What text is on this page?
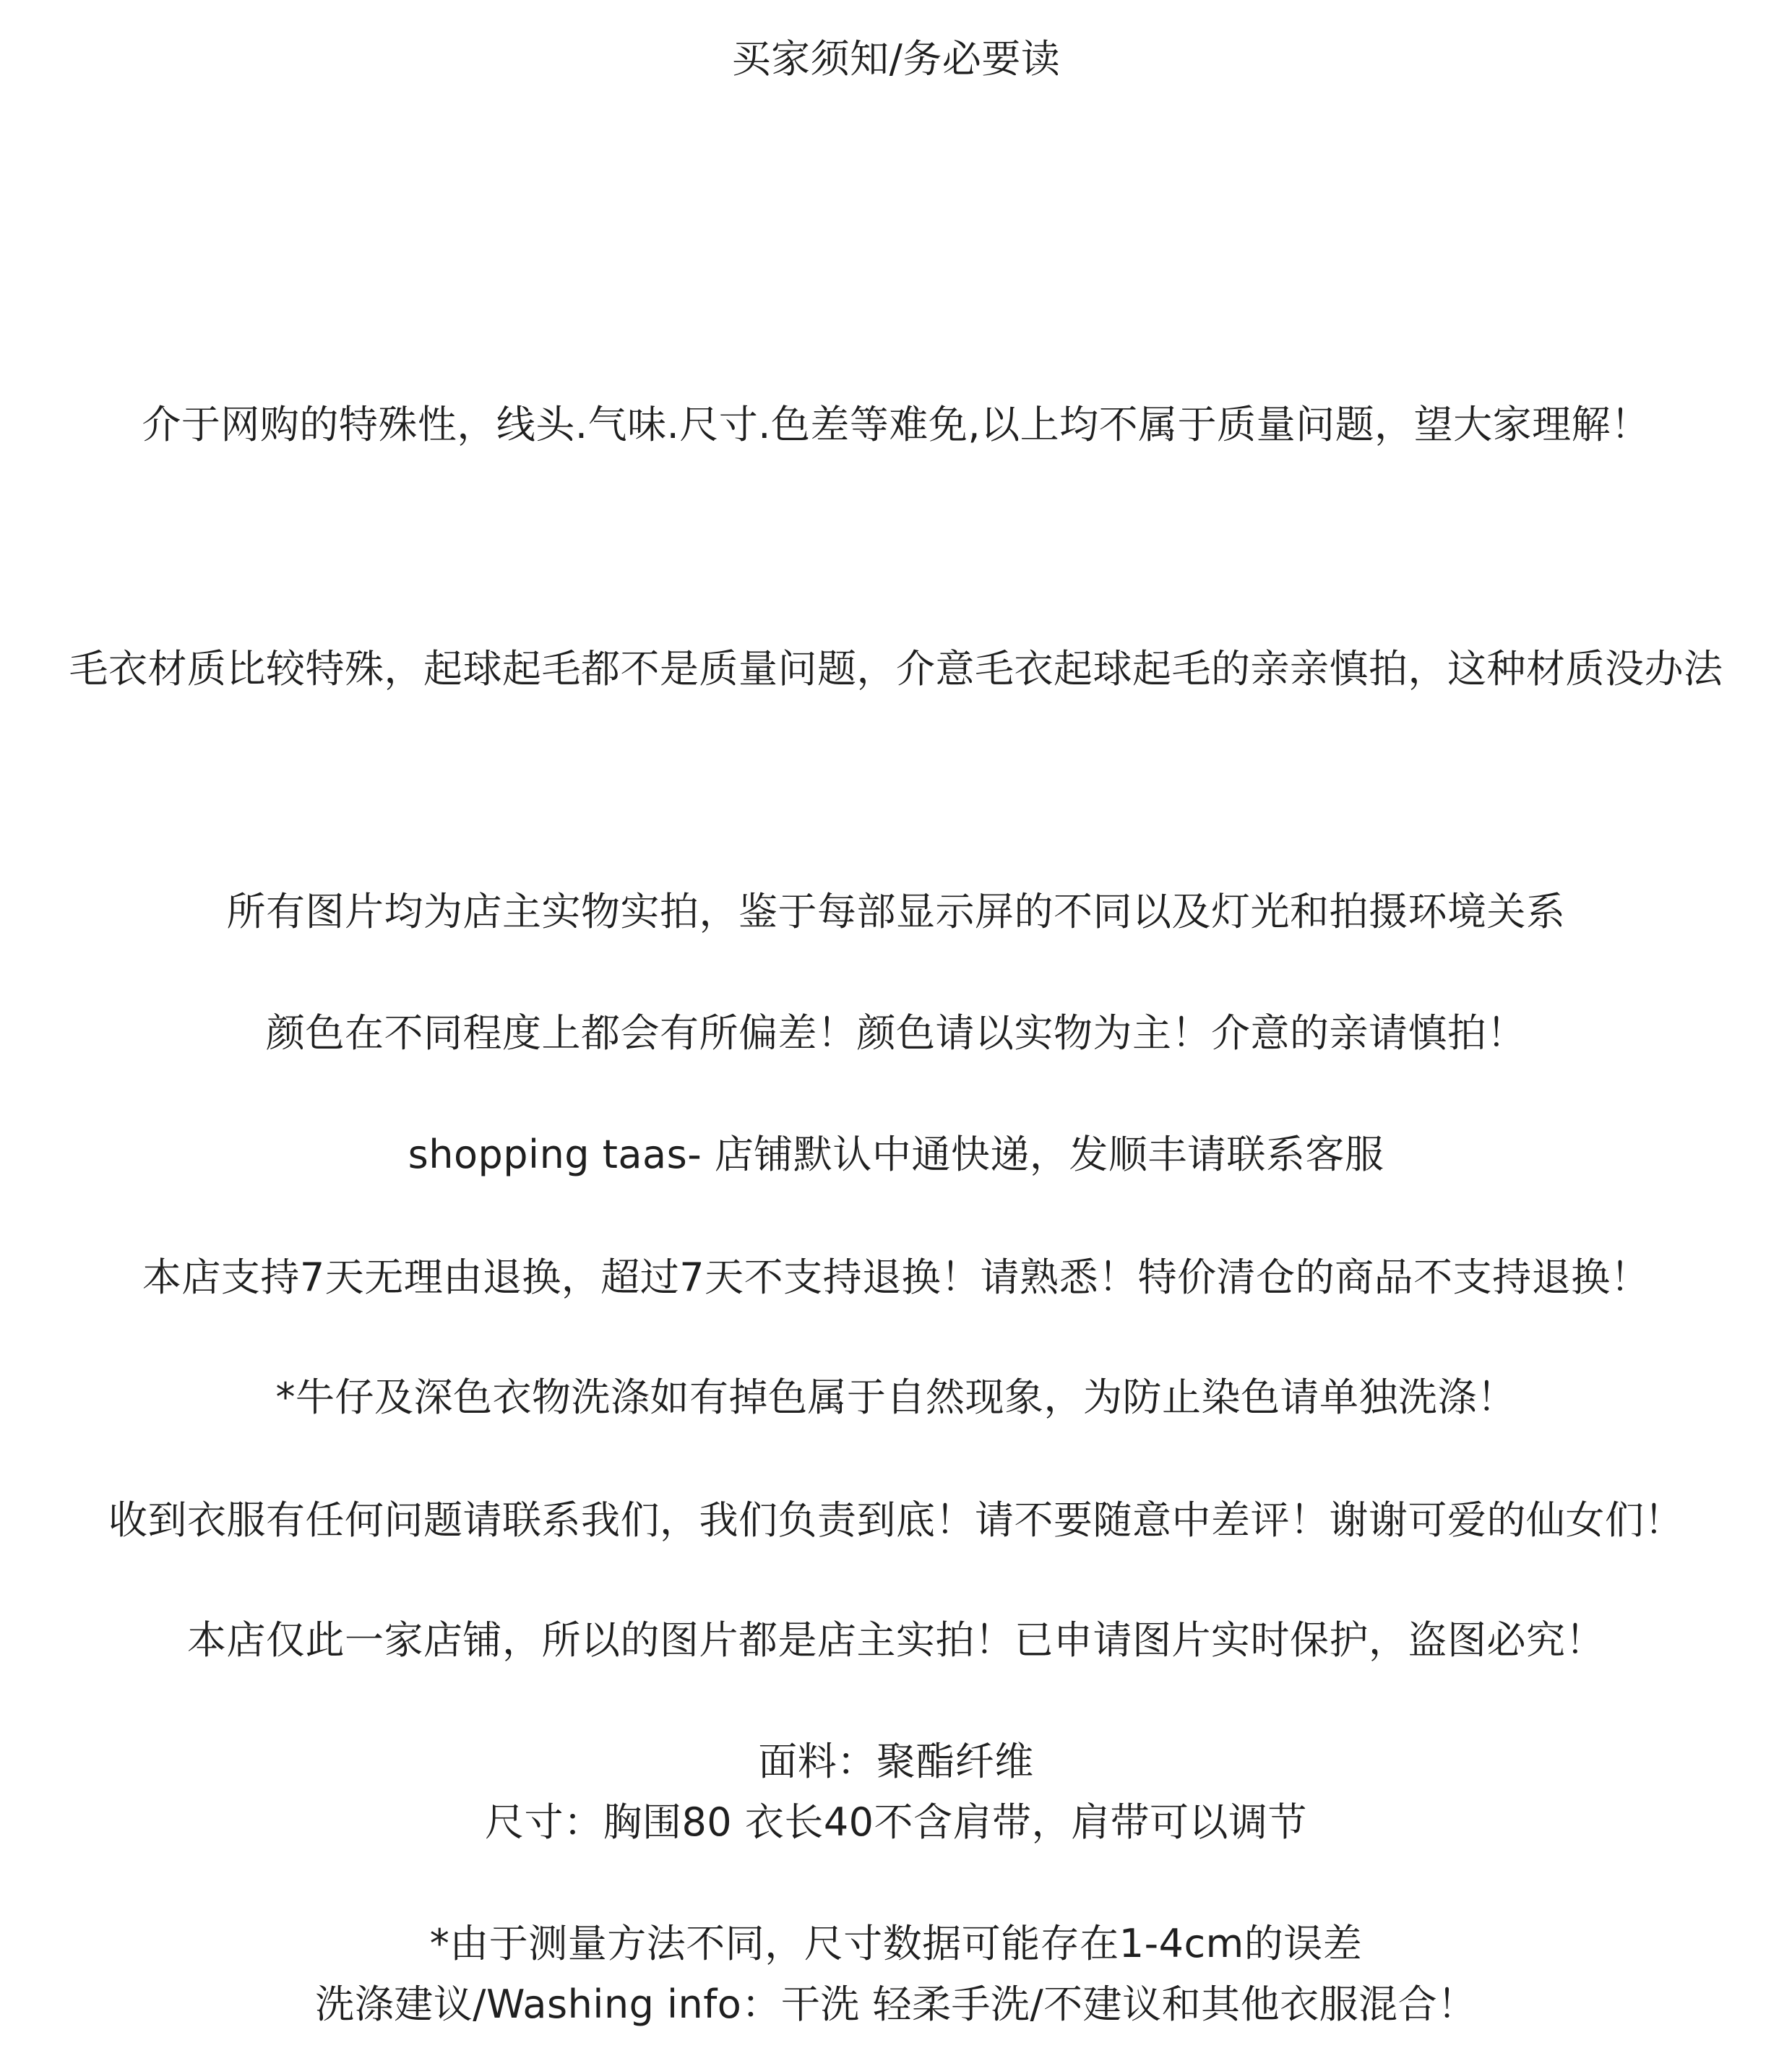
买家须知/务必要读
介于网购的特殊性，线头.气味.尺寸.色差等难免,以上均不属于质量问题，望大家理解！
毛衣材质比较特殊，起球起毛都不是质量问题，介意毛衣起球起毛的亲亲慎拍，这种材质没办法
所有图片均为店主实物实拍，鉴于每部显示屏的不同以及灯光和拍摄环境关系
颜色在不同程度上都会有所偏差！颜色请以实物为主！介意的亲请慎拍！
shopping taas- 店铺默认中通快递，发顺丰请联系客服
本店支持7天无理由退换，超过7天不支持退换！请熟悉！特价清仓的商品不支持退换！
*牛仔及深色衣物洗涤如有掉色属于自然现象，为防止染色请单独洗涤！
收到衣服有任何问题请联系我们，我们负责到底！请不要随意中差评！谢谢可爱的仙女们！
本店仅此一家店铺，所以的图片都是店主实拍！已申请图片实时保护，盗图必究！
面料：聚酯纤维
尺寸：胸围80 衣长40不含肩带，肩带可以调节
*由于测量方法不同，尺寸数据可能存在1-4cm的误差
洗涤建议/Washing info：干洗 轻柔手洗/不建议和其他衣服混合！
